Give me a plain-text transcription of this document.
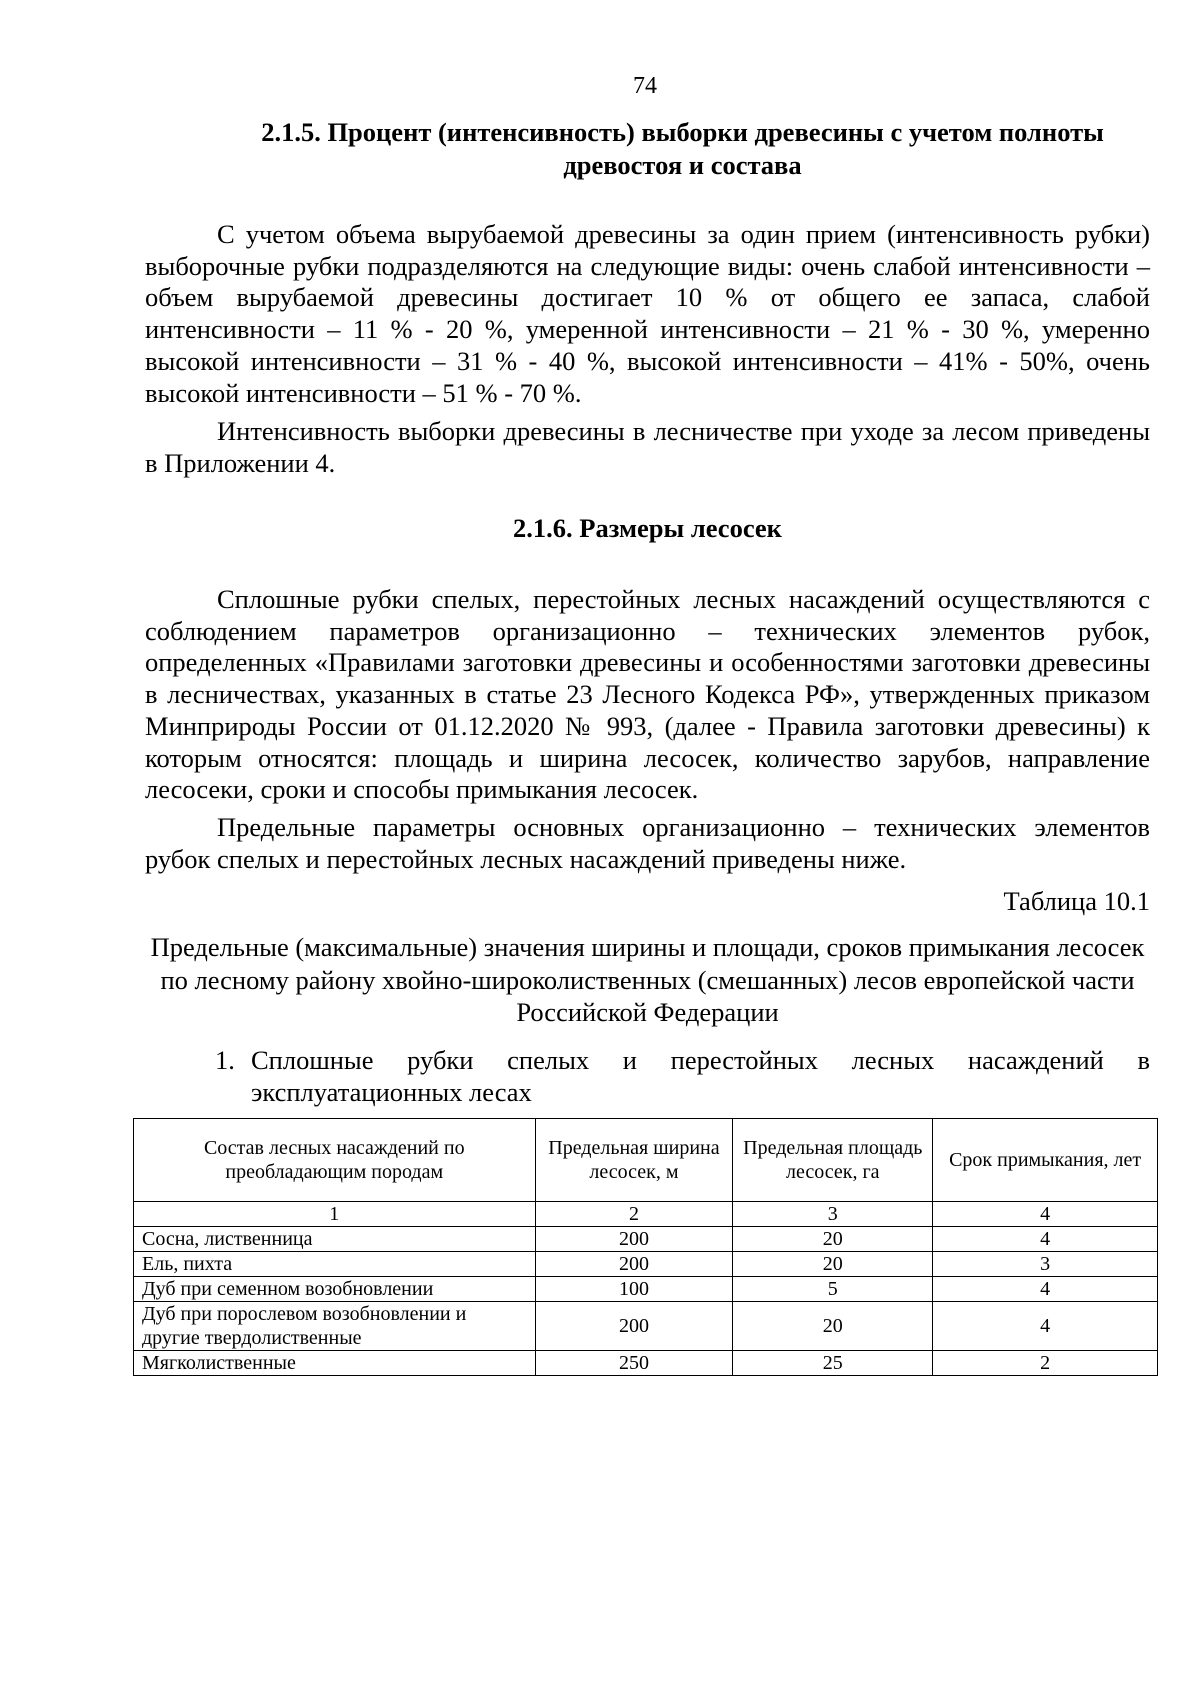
74
2.1.5. Процент (интенсивность) выборки древесины с учетом полноты древостоя и состава

С учетом объема вырубаемой древесины за один прием (интенсивность рубки) выборочные рубки подразделяются на следующие виды: очень слабой интенсивности – объем вырубаемой древесины достигает 10 % от общего ее запаса, слабой интенсивности – 11 % - 20 %, умеренной интенсивности – 21 % - 30 %, умеренно высокой интенсивности – 31 % - 40 %, высокой интенсивности – 41% - 50%, очень высокой интенсивности – 51 % - 70 %.

Интенсивность выборки древесины в лесничестве при уходе за лесом приведены в Приложении 4.

2.1.6. Размеры лесосек

Сплошные рубки спелых, перестойных лесных насаждений осуществляются с соблюдением параметров организационно – технических элементов рубок, определенных «Правилами заготовки древесины и особенностями заготовки древесины в лесничествах, указанных в статье 23 Лесного Кодекса РФ», утвержденных приказом Минприроды России от 01.12.2020 № 993, (далее - Правила заготовки древесины) к которым относятся: площадь и ширина лесосек, количество зарубов, направление лесосеки, сроки и способы примыкания лесосек.

Предельные параметры основных организационно – технических элементов рубок спелых и перестойных лесных насаждений приведены ниже.

Таблица 10.1
Предельные (максимальные) значения ширины и площади, сроков примыкания лесосек по лесному району хвойно-широколиственных (смешанных) лесов европейской части Российской Федерации
1. Сплошные рубки спелых и перестойных лесных насаждений в
эксплуатационных лесах
Состав лесных насаждений по преобладающим породам	Предельная ширина лесосек, м	Предельная площадь лесосек, га	Срок примыкания, лет
1	2	3	4
Сосна, лиственница	200	20	4
Ель, пихта	200	20	3
Дуб при семенном возобновлении	100	5	4
Дуб при порослевом возобновлении и другие твердолиственные	200	20	4
Мягколиственные	250	25	2
